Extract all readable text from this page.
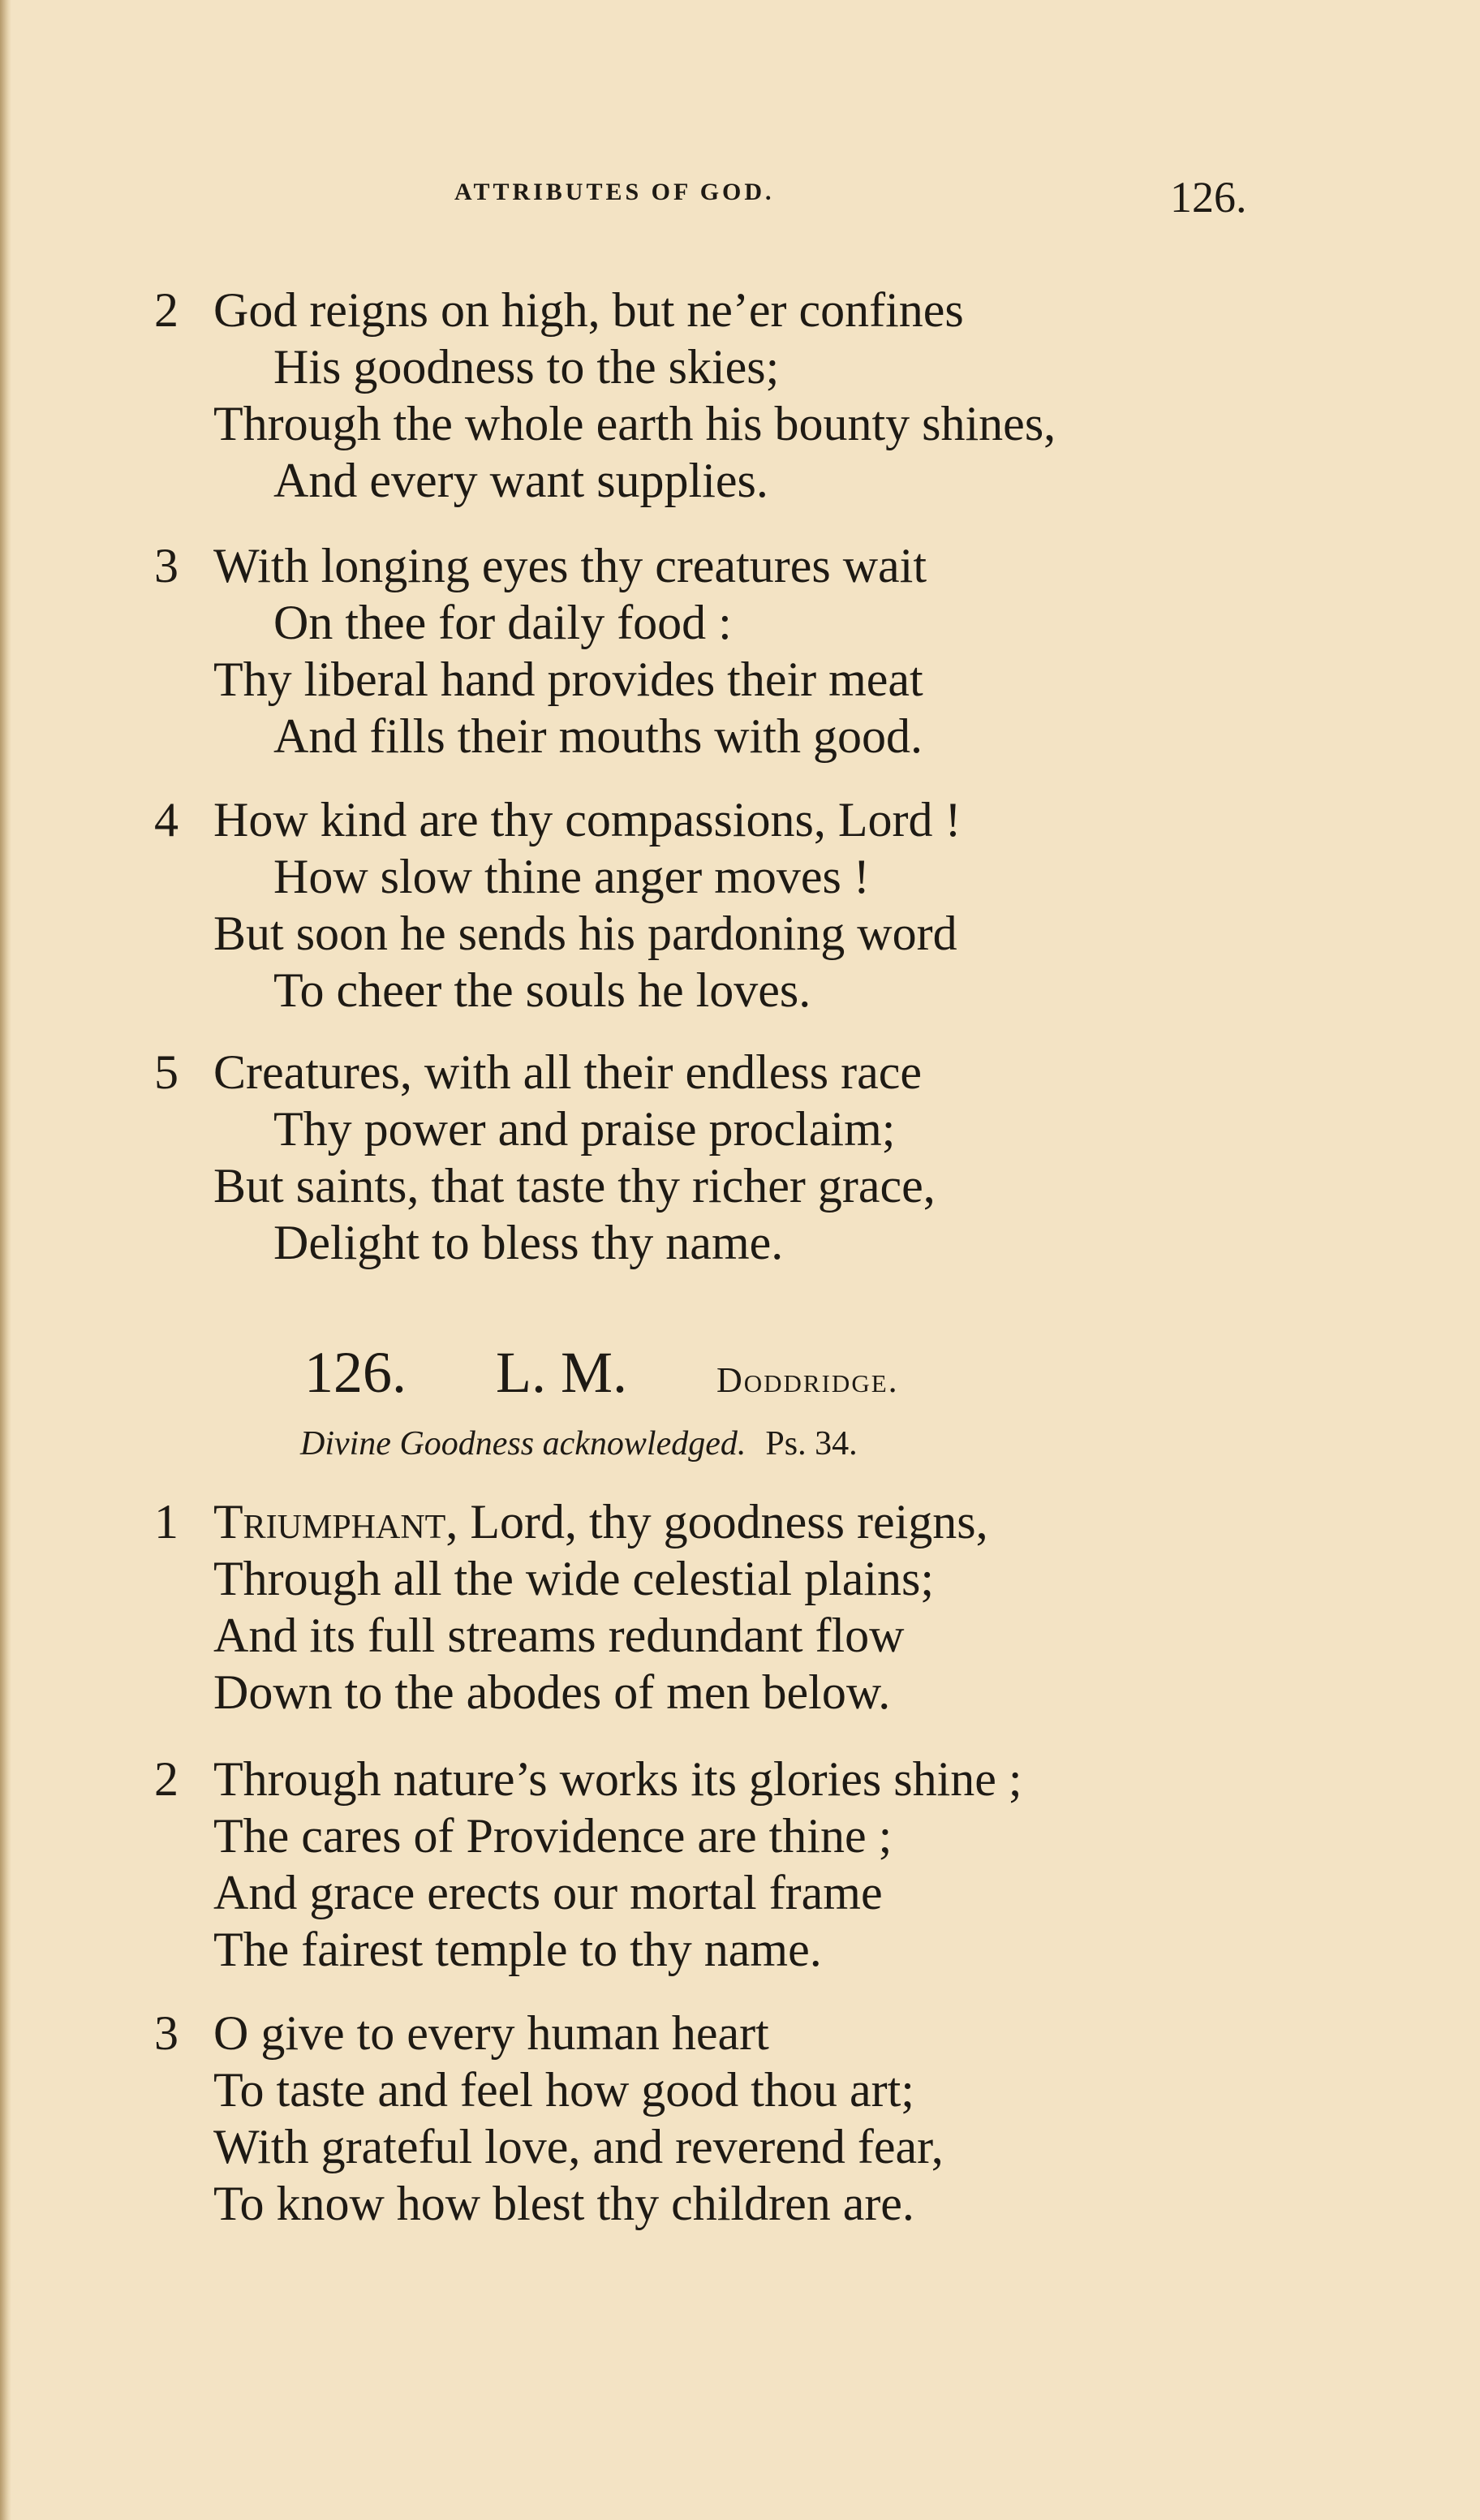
ATTRIBUTES OF GOD.	126.
2 God reigns on high, but ne’er confines
His goodness to the skies;
Through the whole earth his bounty shines,
And every want supplies.
3 With longing eyes thy creatures wait
On thee for daily food :
Thy liberal hand provides their meat
And fills their mouths with good.
4 How kind are thy compassions, Lord !
How slow thine anger moves !
But soon he sends his pardoning word
To cheer the souls he loves.
5 Creatures, with all their endless race
Thy power and praise proclaim;
But saints, that taste thy richer grace,
Delight to bless thy name.
126. L. M.	Doddridge.
Divine Goodness acknowledged. Ps. 34.
1 Triumphant, Lord, thy goodness reigns,
Through all the wide celestial plains;
And its full streams redundant flow
Down to the abodes of men below.
2 Through nature’s works its glories shine ;
The cares of Providence are thine ;
And grace erects our mortal frame
The fairest temple to thy name.
3 O give to every human heart
To taste and feel how good thou art;
With grateful love, and reverend fear,
To know how blest thy children are.
